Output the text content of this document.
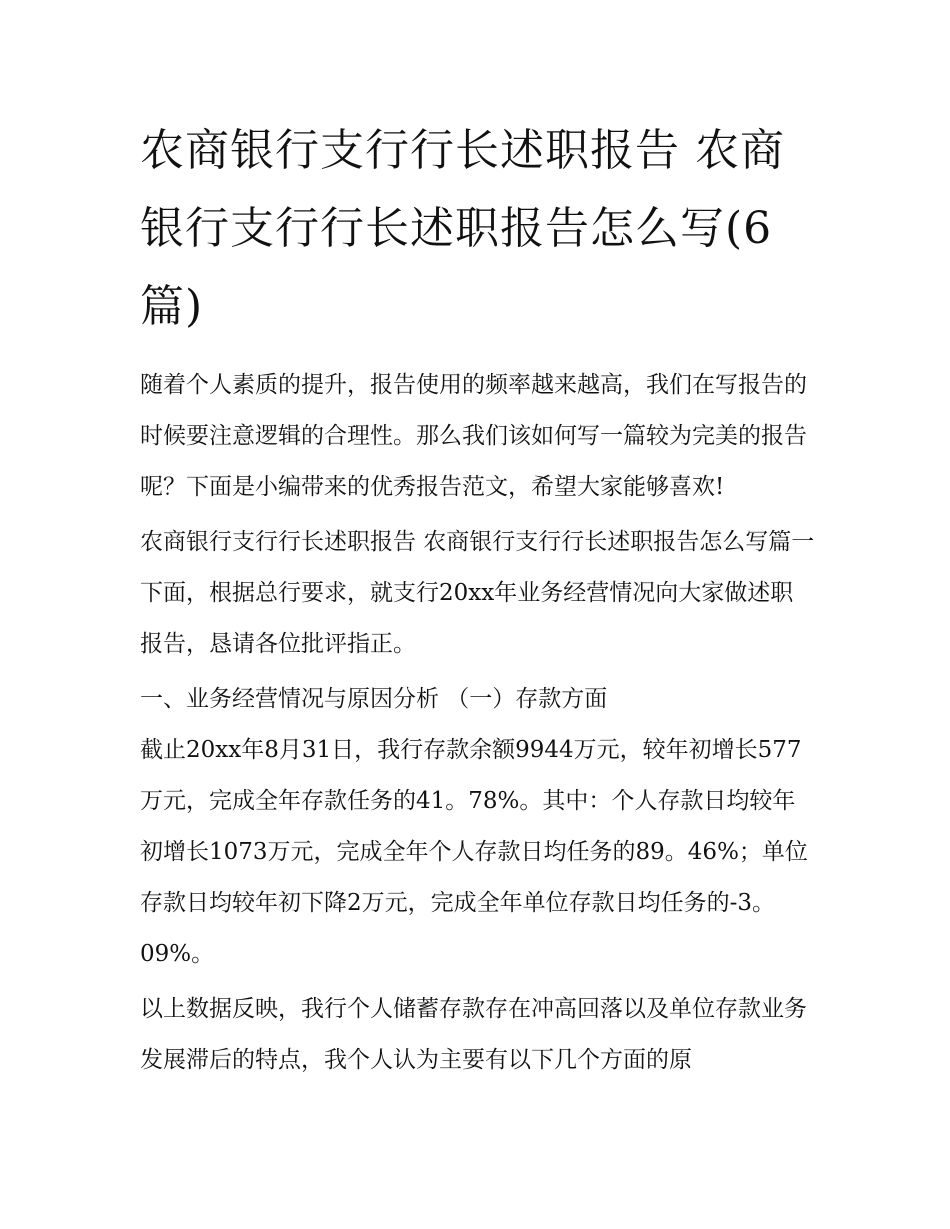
农商银行支行行长述职报告 农商银行支行行长述职报告怎么写(6篇)

随着个人素质的提升，报告使用的频率越来越高，我们在写报告的时候要注意逻辑的合理性。那么我们该如何写一篇较为完美的报告呢？下面是小编带来的优秀报告范文，希望大家能够喜欢!

农商银行支行行长述职报告 农商银行支行行长述职报告怎么写篇一 下面，根据总行要求，就支行20xx年业务经营情况向大家做述职报告，恳请各位批评指正。

一、业务经营情况与原因分析 （一）存款方面

截止20xx年8月31日，我行存款余额9944万元，较年初增长577万元，完成全年存款任务的41。78%。其中：个人存款日均较年初增长1073万元，完成全年个人存款日均任务的89。46%；单位存款日均较年初下降2万元，完成全年单位存款日均任务的-3。09%。

以上数据反映，我行个人储蓄存款存在冲高回落以及单位存款业务发展滞后的特点，我个人认为主要有以下几个方面的原
